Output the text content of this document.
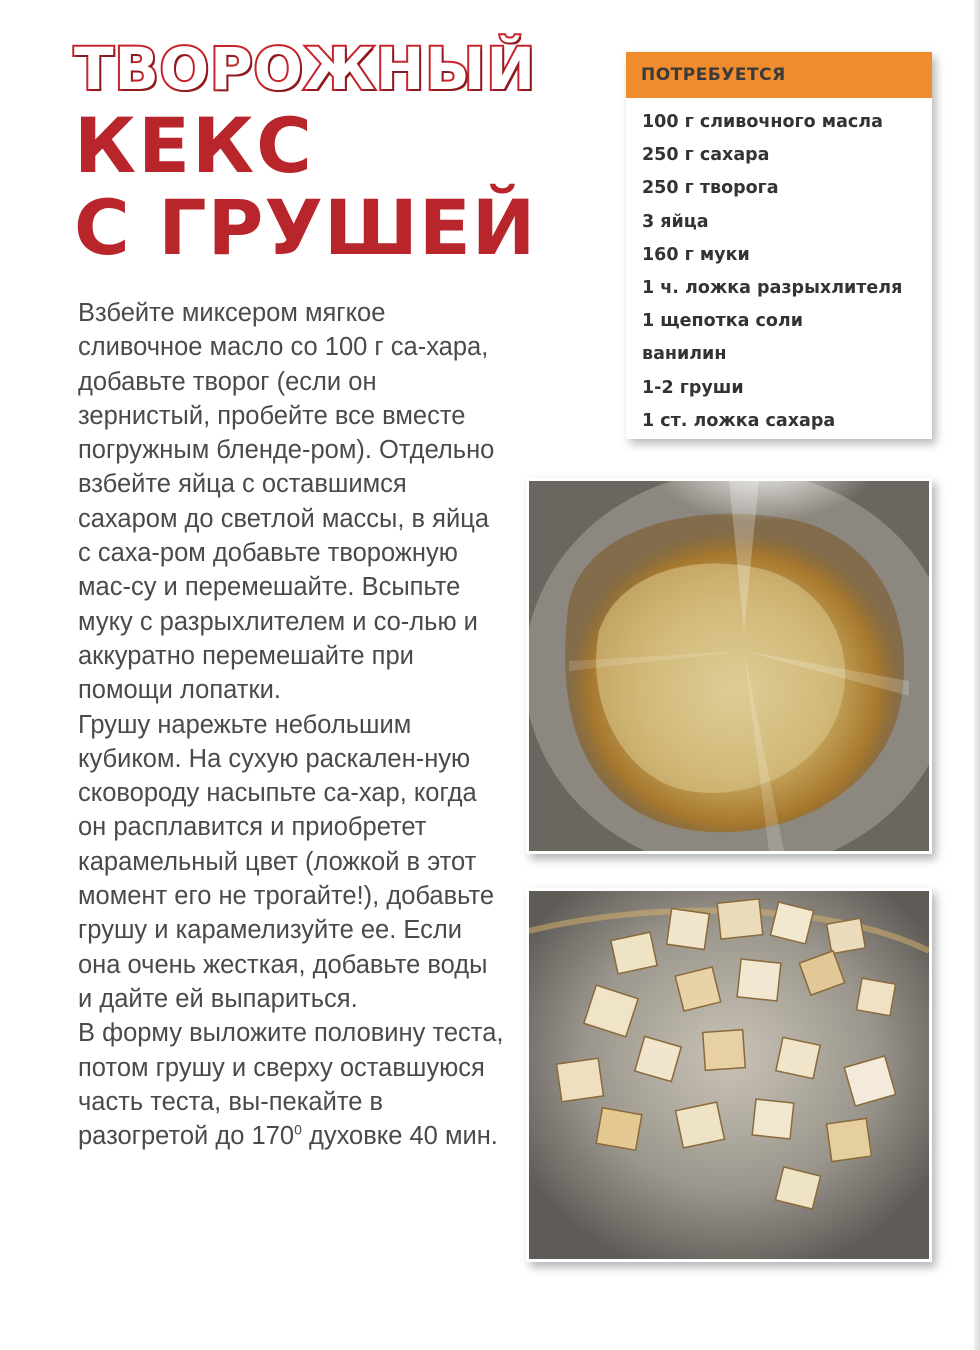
ТВОРОЖНЫЙ
КЕКС
С ГРУШЕЙ

Взбейте миксером мягкое сливочное масло со 100 г са-хара, добавьте творог (если он зернистый, пробейте все вместе погружным бленде-ром). Отдельно взбейте яйца с оставшимся сахаром до светлой массы, в яйца с саха-ром добавьте творожную мас-су и перемешайте. Всыпьте муку с разрыхлителем и со-лью и аккуратно перемешайте при помощи лопатки.

Грушу нарежьте небольшим кубиком. На сухую раскален-ную сковороду насыпьте са-хар, когда он расплавится и приобретет карамельный цвет (ложкой в этот момент его не трогайте!), добавьте грушу и карамелизуйте ее. Если она очень жесткая, добавьте воды и дайте ей выпариться.

В форму выложите половину теста, потом грушу и сверху оставшуюся часть теста, вы-пекайте в разогретой до $170^0$ духовке 40 мин.

ПОТРЕБУЕТСЯ
100 г сливочного масла
250 г сахара
250 г творога
3 яйца
160 г муки
1 ч. ложка разрыхлителя
1 щепотка соли
ванилин
1-2 груши
1 ст. ложка сахара
